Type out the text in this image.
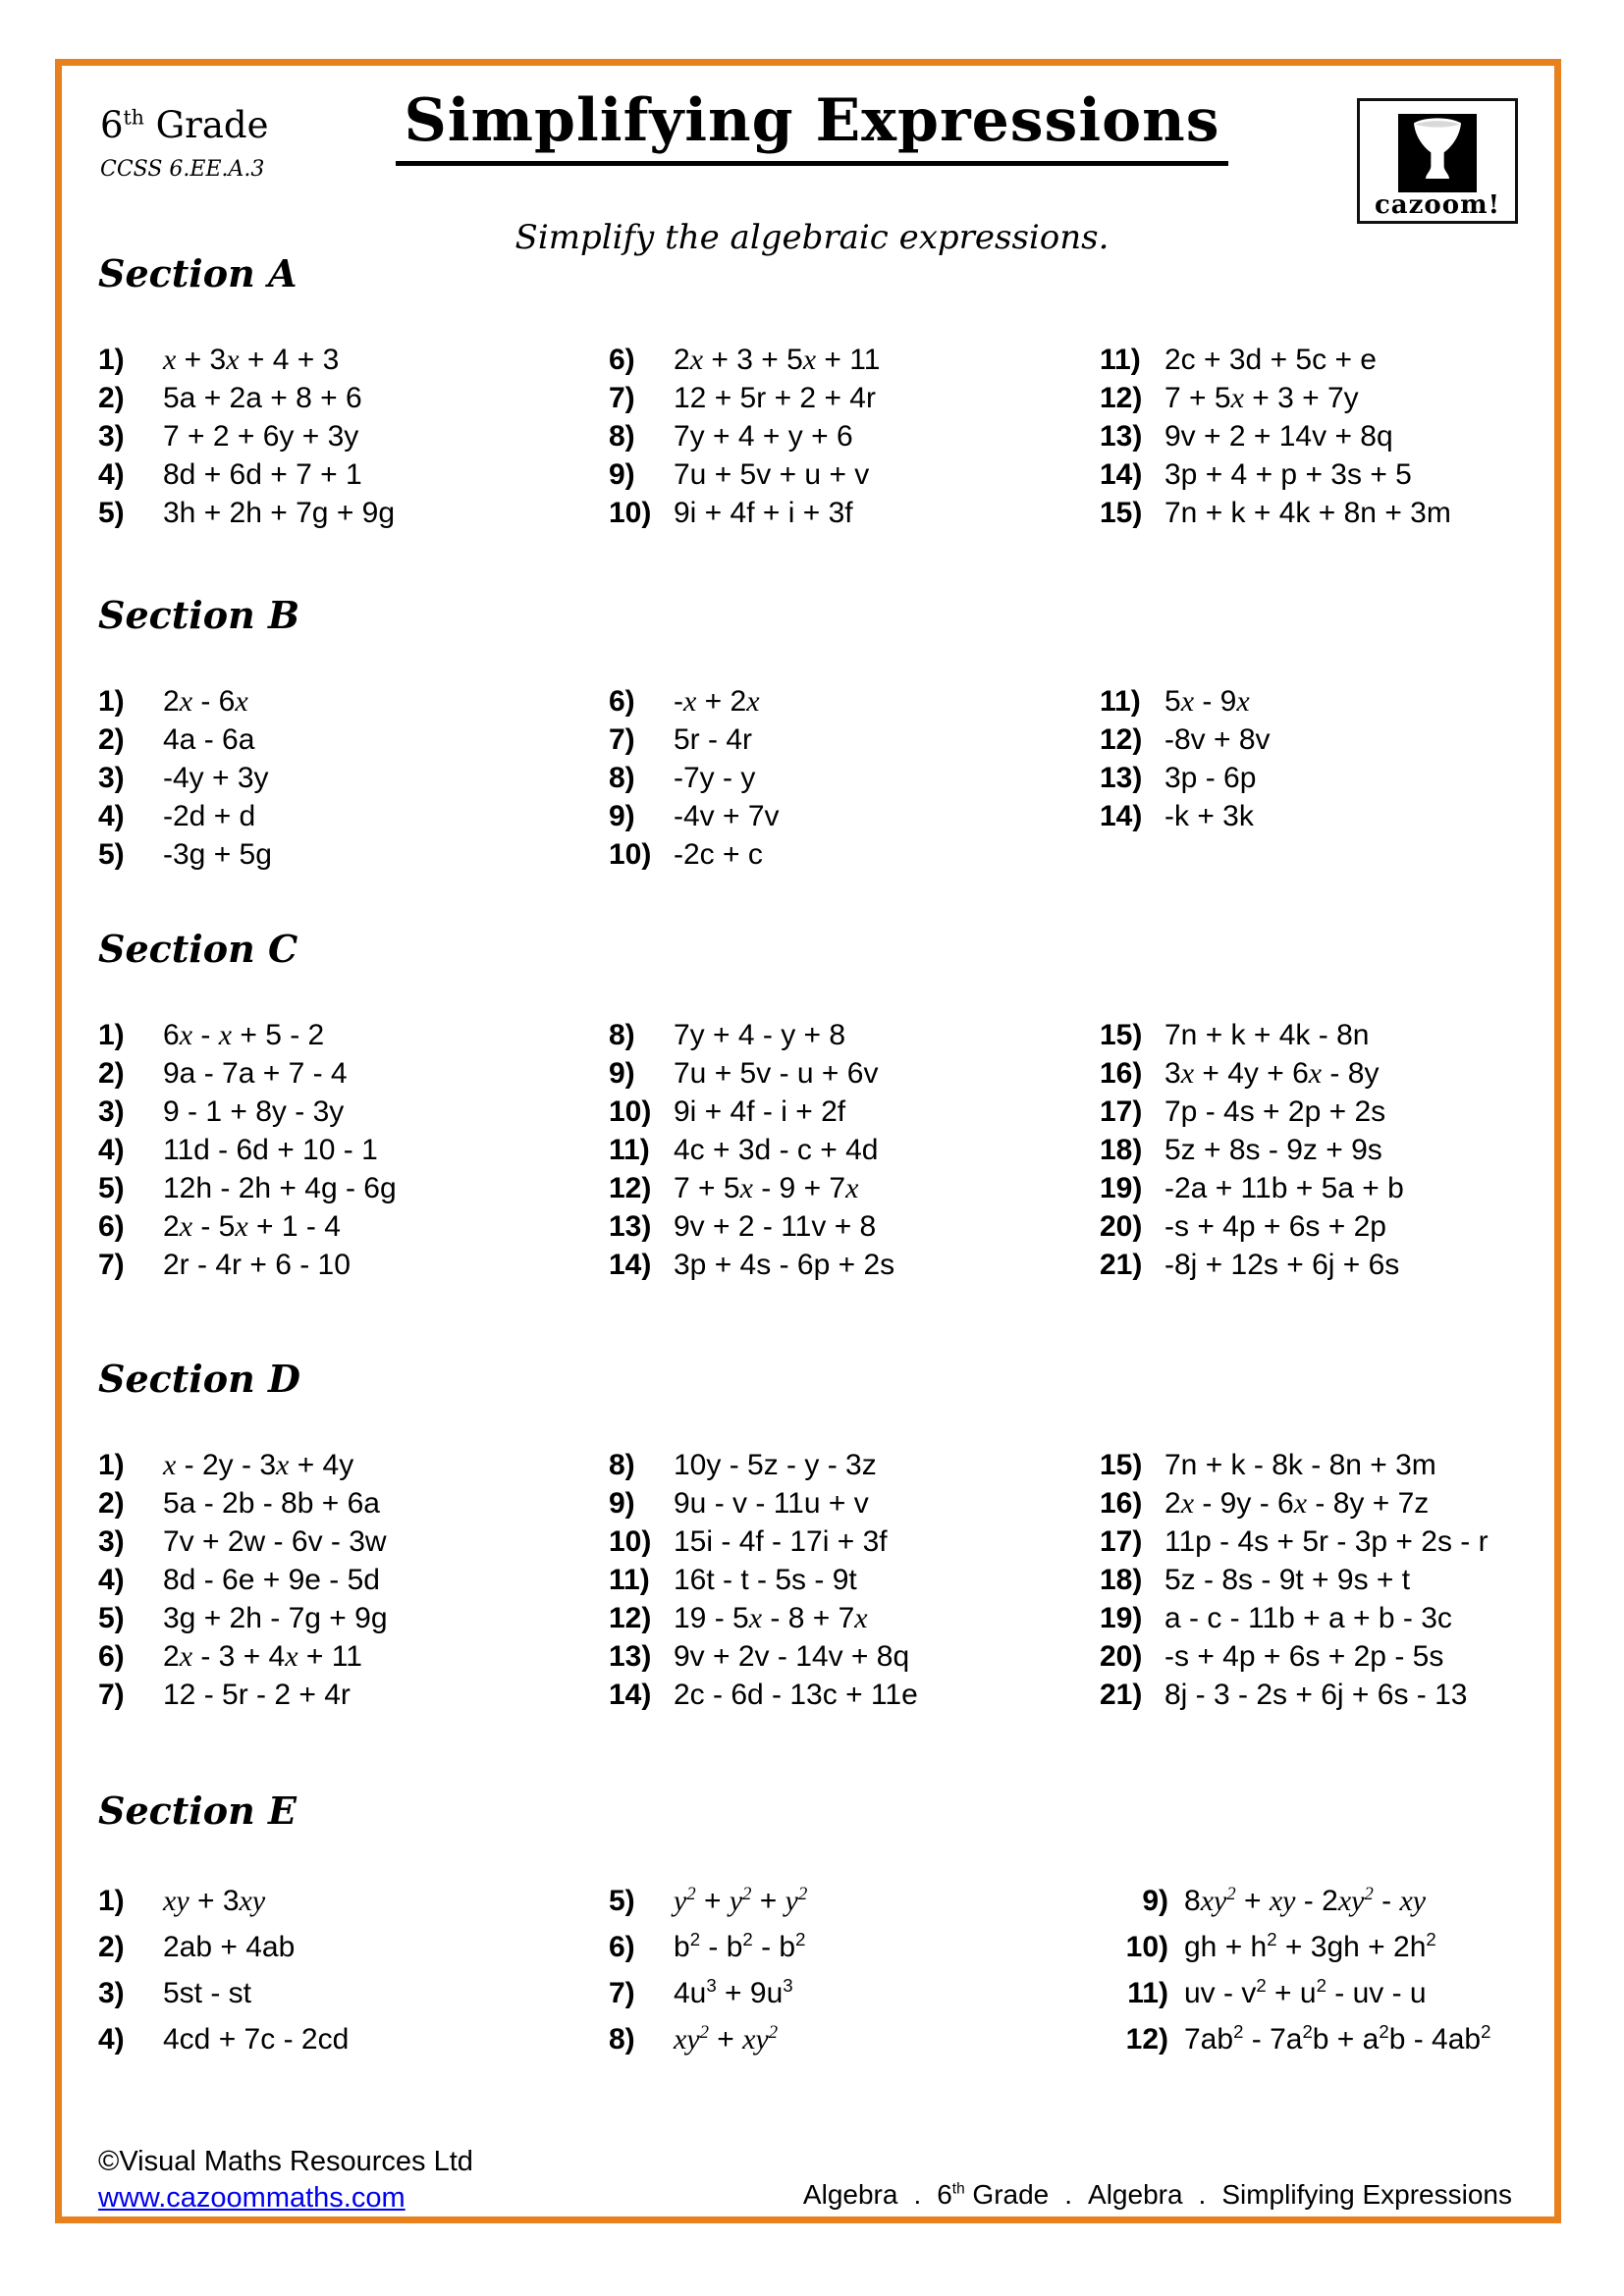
6th Grade
CCSS 6.EE.A.3
Simplifying Expressions
Simplify the algebraic expressions.
cazoom!
Section A
1)	x + 3x + 4 + 3
2)	5a + 2a + 8 + 6
3)	7 + 2 + 6y + 3y
4)	8d + 6d + 7 + 1
5)	3h + 2h + 7g + 9g
6)	2x + 3 + 5x + 11
7)	12 + 5r + 2 + 4r
8)	7y + 4 + y + 6
9)	7u + 5v + u + v
10) 9i + 4f + i + 3f
11) 2c + 3d + 5c + e
12) 7 + 5x + 3 + 7y
13) 9v + 2 + 14v + 8q
14) 3p + 4 + p + 3s + 5
15) 7n + k + 4k + 8n + 3m
Section B
1)	2x - 6x
2)	4a - 6a
3)	-4y + 3y
4)	-2d + d
5)	-3g + 5g
6)	-x + 2x
7)	5r - 4r
8)	-7y - y
9)	-4v + 7v
10) -2c + c
11) 5x - 9x
12) -8v + 8v
13) 3p - 6p
14) -k + 3k
Section C
1)	6x - x + 5 - 2
2)	9a - 7a + 7 - 4
3)	9 - 1 + 8y - 3y
4)	11d - 6d + 10 - 1
5)	12h - 2h + 4g - 6g
6)	2x - 5x + 1 - 4
7)	2r - 4r + 6 - 10
8)	7y + 4 - y + 8
9)	7u + 5v - u + 6v
10) 9i + 4f - i + 2f
11) 4c + 3d - c + 4d
12) 7 + 5x - 9 + 7x
13) 9v + 2 - 11v + 8
14) 3p + 4s - 6p + 2s
15) 7n + k + 4k - 8n
16) 3x + 4y + 6x - 8y
17) 7p - 4s + 2p + 2s
18) 5z + 8s - 9z + 9s
19) -2a + 11b + 5a + b
20) -s + 4p + 6s + 2p
21) -8j + 12s + 6j + 6s
Section D
1)	x - 2y - 3x + 4y
2)	5a - 2b - 8b + 6a
3)	7v + 2w - 6v - 3w
4)	8d - 6e + 9e - 5d
5)	3g + 2h - 7g + 9g
6)	2x - 3 + 4x + 11
7)	12 - 5r - 2 + 4r
8)	10y - 5z - y - 3z
9)	9u - v - 11u + v
10) 15i - 4f - 17i + 3f
11) 16t - t - 5s - 9t
12) 19 - 5x - 8 + 7x
13) 9v + 2v - 14v + 8q
14) 2c - 6d - 13c + 11e
15) 7n + k - 8k - 8n + 3m
16) 2x - 9y - 6x - 8y + 7z
17) 11p - 4s + 5r - 3p + 2s - r
18) 5z - 8s - 9t + 9s + t
19) a - c - 11b + a + b - 3c
20) -s + 4p + 6s + 2p - 5s
21) 8j - 3 - 2s + 6j + 6s - 13
Section E
1)	xy + 3xy
2)	2ab + 4ab
3)	5st - st
4)	4cd + 7c - 2cd
5)	$y^2 + y^2 + y^2$
6)	$b^2 - b^2 - b^2$
7)	$4u^3 + 9u^3$
8)	$xy^2 + xy^2$
9) $8xy^2$ + xy - $2xy^2$ - xy
10) gh + $h^2 + 3gh + 2h^2$
11) uv - $v^2 + u^2$ - uv - u
12) $7ab^2 - 7a^2b + a^2b - 4ab^2$
©Visual Maths Resources Ltd
www.cazoommaths.com	Algebra . 6th Grade . Algebra . Simplifying Expressions
